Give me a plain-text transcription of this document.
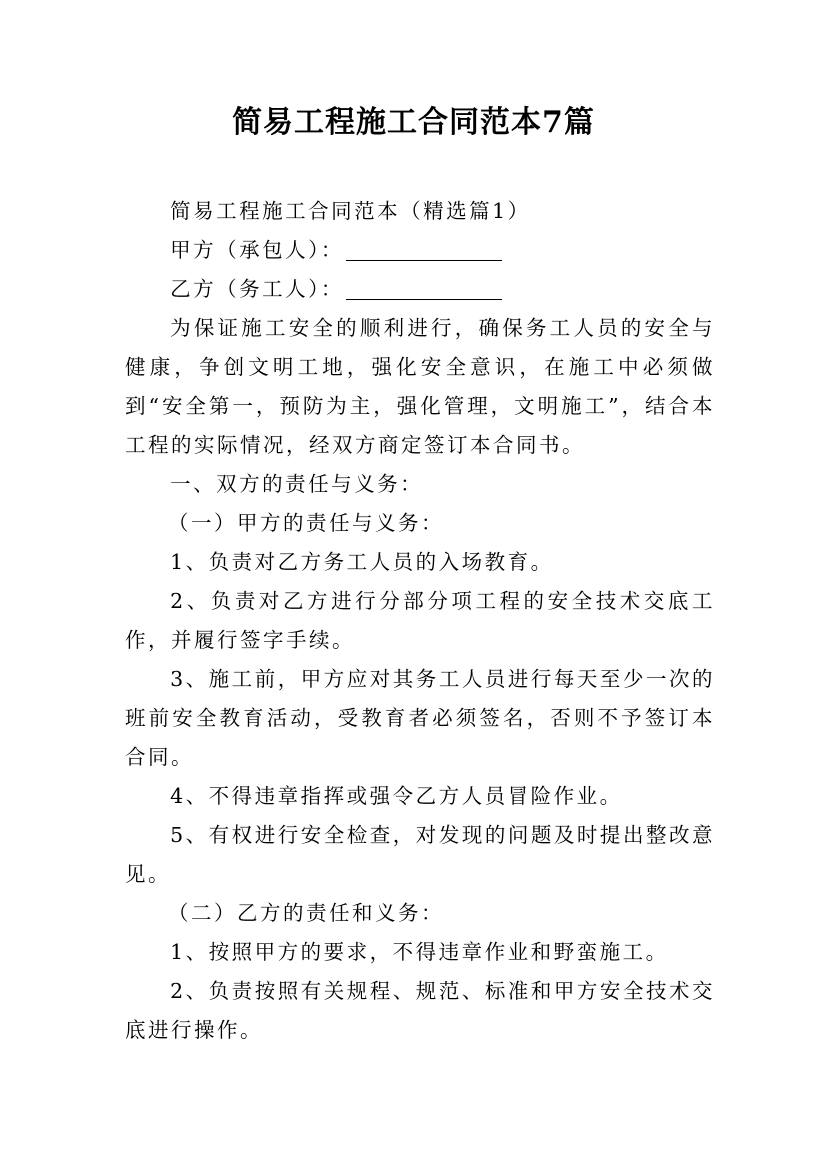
简易工程施工合同范本7篇

简易工程施工合同范本（精选篇1）

甲方（承包人）：

乙方（务工人）：

为保证施工安全的顺利进行，确保务工人员的安全与健康，争创文明工地，强化安全意识，在施工中必须做到“安全第一，预防为主，强化管理，文明施工”，结合本工程的实际情况，经双方商定签订本合同书。

一、双方的责任与义务：

（一）甲方的责任与义务：

1、负责对乙方务工人员的入场教育。

2、负责对乙方进行分部分项工程的安全技术交底工作，并履行签字手续。

3、施工前，甲方应对其务工人员进行每天至少一次的班前安全教育活动，受教育者必须签名，否则不予签订本合同。

4、不得违章指挥或强令乙方人员冒险作业。

5、有权进行安全检查，对发现的问题及时提出整改意见。

（二）乙方的责任和义务：

1、按照甲方的要求，不得违章作业和野蛮施工。

2、负责按照有关规程、规范、标准和甲方安全技术交底进行操作。
